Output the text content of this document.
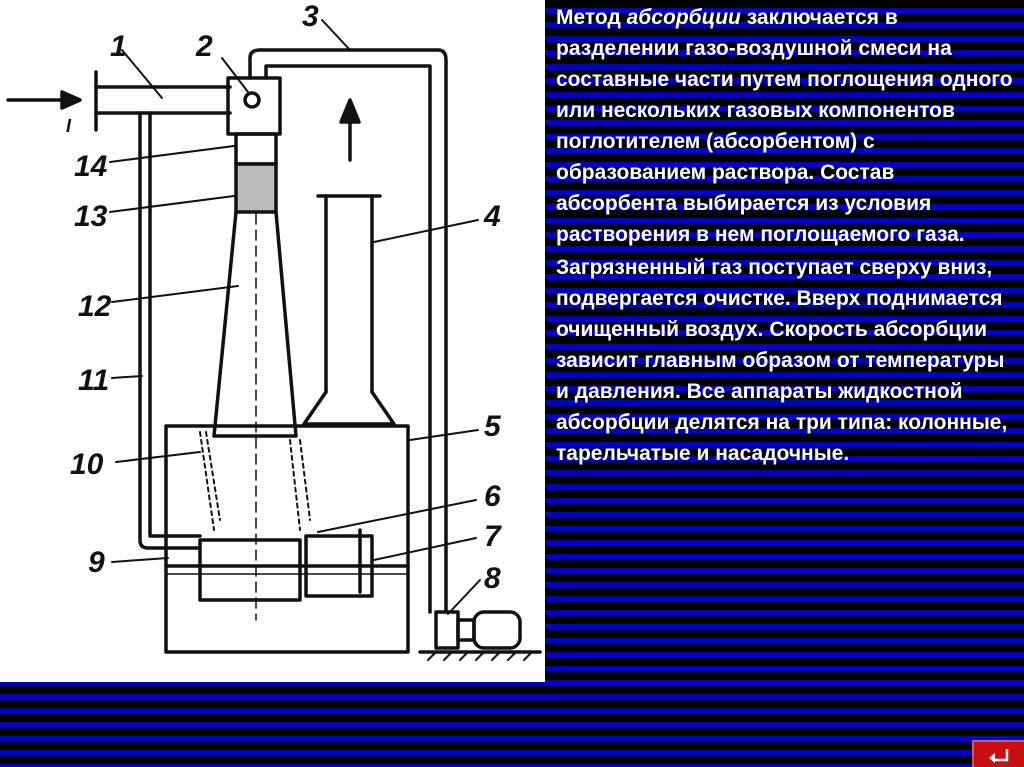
1 2
3
4
5
6
7
8
9
10
11
12
13
14
I

Метод абсорбции заключается в разделении газо-воздушной смеси на составные части путем поглощения одного или нескольких газовых компонентов поглотителем (абсорбентом) с образованием раствора. Состав абсорбента выбирается из условия растворения в нем поглощаемого газа.

Загрязненный газ поступает сверху вниз, подвергается очистке. Вверх поднимается очищенный воздух. Скорость абсорбции зависит главным образом от температуры и давления. Все аппараты жидкостной абсорбции делятся на три типа: колонные, тарельчатые и насадочные.
